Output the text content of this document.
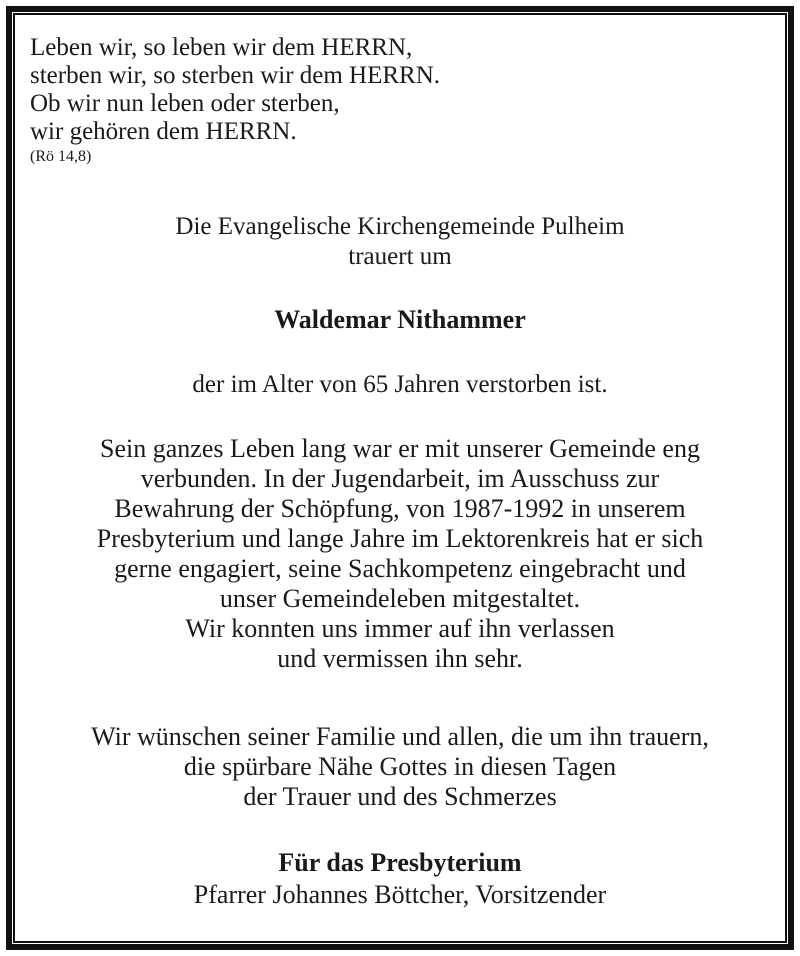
Leben wir, so leben wir dem HERRN,
sterben wir, so sterben wir dem HERRN.
Ob wir nun leben oder sterben,
wir gehören dem HERRN.
(Rö 14,8)
Die Evangelische Kirchengemeinde Pulheim
trauert um
Waldemar Nithammer
der im Alter von 65 Jahren verstorben ist.
Sein ganzes Leben lang war er mit unserer Gemeinde eng
verbunden. In der Jugendarbeit, im Ausschuss zur
Bewahrung der Schöpfung, von 1987-1992 in unserem
Presbyterium und lange Jahre im Lektorenkreis hat er sich
gerne engagiert, seine Sachkompetenz eingebracht und
unser Gemeindeleben mitgestaltet.
Wir konnten uns immer auf ihn verlassen
und vermissen ihn sehr.
Wir wünschen seiner Familie und allen, die um ihn trauern,
die spürbare Nähe Gottes in diesen Tagen
der Trauer und des Schmerzes
Für das Presbyterium
Pfarrer Johannes Böttcher, Vorsitzender
